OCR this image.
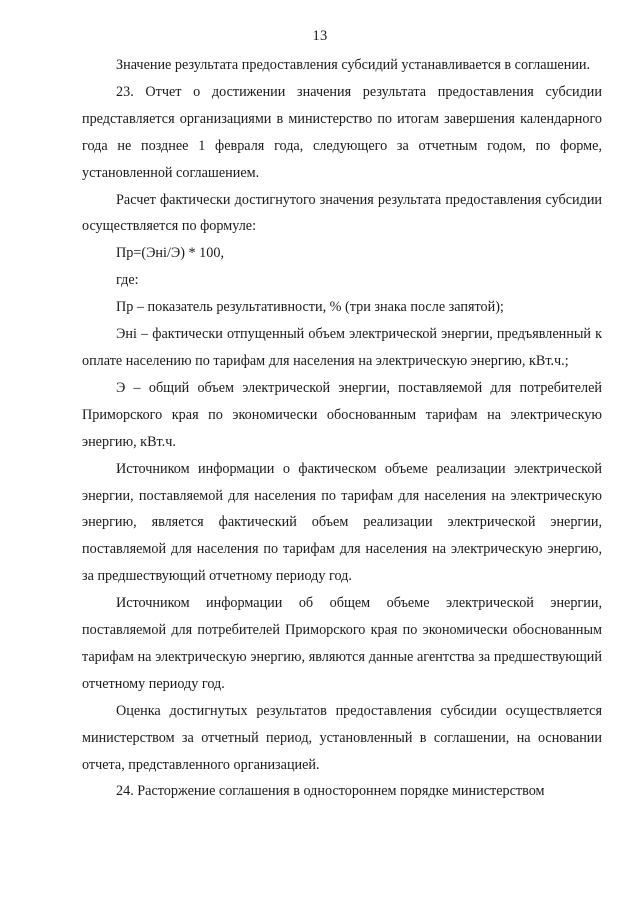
13

Значение результата предоставления субсидий устанавливается в соглашении.

23. Отчет о достижении значения результата предоставления субсидии представляется организациями в министерство по итогам завершения календарного года не позднее 1 февраля года, следующего за отчетным годом, по форме, установленной соглашением.

Расчет фактически достигнутого значения результата предоставления субсидии осуществляется по формуле:

Пр=(Эні/Э) * 100,

где:

Пр – показатель результативности, % (три знака после запятой);

Эні – фактически отпущенный объем электрической энергии, предъявленный к оплате населению по тарифам для населения на электрическую энергию, кВт.ч.;

Э – общий объем электрической энергии, поставляемой для потребителей Приморского края по экономически обоснованным тарифам на электрическую энергию, кВт.ч.

Источником информации о фактическом объеме реализации электрической энергии, поставляемой для населения по тарифам для населения на электрическую энергию, является фактический объем реализации электрической энергии, поставляемой для населения по тарифам для населения на электрическую энергию, за предшествующий отчетному периоду год.

Источником информации об общем объеме электрической энергии, поставляемой для потребителей Приморского края по экономически обоснованным тарифам на электрическую энергию, являются данные агентства за предшествующий отчетному периоду год.

Оценка достигнутых результатов предоставления субсидии осуществляется министерством за отчетный период, установленный в соглашении, на основании отчета, представленного организацией.

24. Расторжение соглашения в одностороннем порядке министерством
